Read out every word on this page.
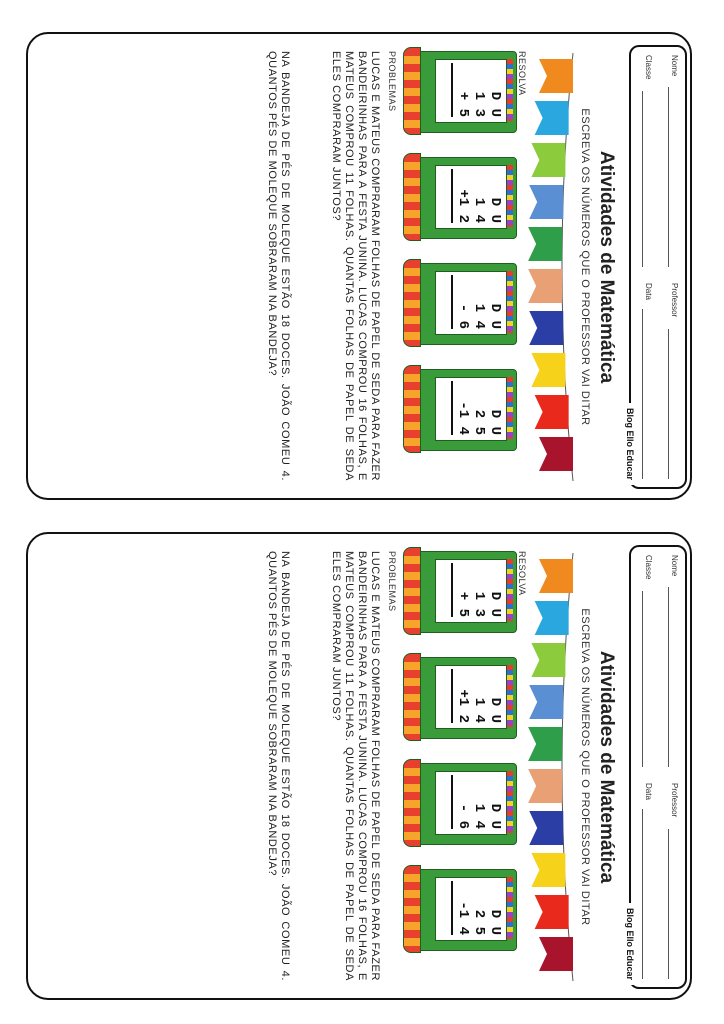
Nome
Professor
Classe
Data
Blog Ello Educar
Atividades de Matemática
ESCREVA OS NÚMEROS QUE O PROFESSOR VAI DITAR
RESOLVA
D U
1 3
+ 5
D U
1 4
+1 2
D U
1 4
- 6
D U
2 5
-1 4
PROBLEMAS
LUCAS E MATEUS COMPRARAM FOLHAS DE PAPEL DE SEDA PARA FAZER BANDEIRINHAS PARA A FESTA JUNINA. LUCAS COMPROU 16 FOLHAS, E MATEUS COMPROU 11 FOLHAS. QUANTAS FOLHAS DE PAPEL DE SEDA ELES COMPRARAM JUNTOS?
NA BANDEJA DE PÉS DE MOLEQUE ESTÃO 18 DOCES. JOÃO COMEU 4. QUANTOS PÉS DE MOLEQUE SOBRARAM NA BANDEJA?
Nome
Professor
Classe
Data
Blog Ello Educar
Atividades de Matemática
ESCREVA OS NÚMEROS QUE O PROFESSOR VAI DITAR
RESOLVA
D U
1 3
+ 5
D U
1 4
+1 2
D U
1 4
- 6
D U
2 5
-1 4
PROBLEMAS
LUCAS E MATEUS COMPRARAM FOLHAS DE PAPEL DE SEDA PARA FAZER BANDEIRINHAS PARA A FESTA JUNINA. LUCAS COMPROU 16 FOLHAS, E MATEUS COMPROU 11 FOLHAS. QUANTAS FOLHAS DE PAPEL DE SEDA ELES COMPRARAM JUNTOS?
NA BANDEJA DE PÉS DE MOLEQUE ESTÃO 18 DOCES. JOÃO COMEU 4. QUANTOS PÉS DE MOLEQUE SOBRARAM NA BANDEJA?
